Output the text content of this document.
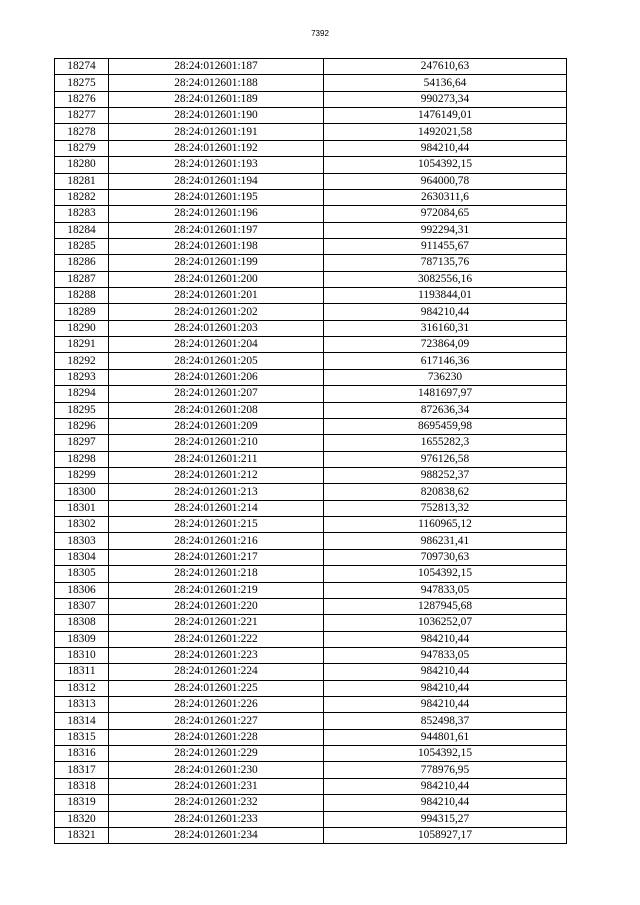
7392
18274	28:24:012601:187	247610,63
18275	28:24:012601:188	54136,64
18276	28:24:012601:189	990273,34
18277	28:24:012601:190	1476149,01
18278	28:24:012601:191	1492021,58
18279	28:24:012601:192	984210,44
18280	28:24:012601:193	1054392,15
18281	28:24:012601:194	964000,78
18282	28:24:012601:195	2630311,6
18283	28:24:012601:196	972084,65
18284	28:24:012601:197	992294,31
18285	28:24:012601:198	911455,67
18286	28:24:012601:199	787135,76
18287	28:24:012601:200	3082556,16
18288	28:24:012601:201	1193844,01
18289	28:24:012601:202	984210,44
18290	28:24:012601:203	316160,31
18291	28:24:012601:204	723864,09
18292	28:24:012601:205	617146,36
18293	28:24:012601:206	736230
18294	28:24:012601:207	1481697,97
18295	28:24:012601:208	872636,34
18296	28:24:012601:209	8695459,98
18297	28:24:012601:210	1655282,3
18298	28:24:012601:211	976126,58
18299	28:24:012601:212	988252,37
18300	28:24:012601:213	820838,62
18301	28:24:012601:214	752813,32
18302	28:24:012601:215	1160965,12
18303	28:24:012601:216	986231,41
18304	28:24:012601:217	709730,63
18305	28:24:012601:218	1054392,15
18306	28:24:012601:219	947833,05
18307	28:24:012601:220	1287945,68
18308	28:24:012601:221	1036252,07
18309	28:24:012601:222	984210,44
18310	28:24:012601:223	947833,05
18311	28:24:012601:224	984210,44
18312	28:24:012601:225	984210,44
18313	28:24:012601:226	984210,44
18314	28:24:012601:227	852498,37
18315	28:24:012601:228	944801,61
18316	28:24:012601:229	1054392,15
18317	28:24:012601:230	778976,95
18318	28:24:012601:231	984210,44
18319	28:24:012601:232	984210,44
18320	28:24:012601:233	994315,27
18321	28:24:012601:234	1058927,17
